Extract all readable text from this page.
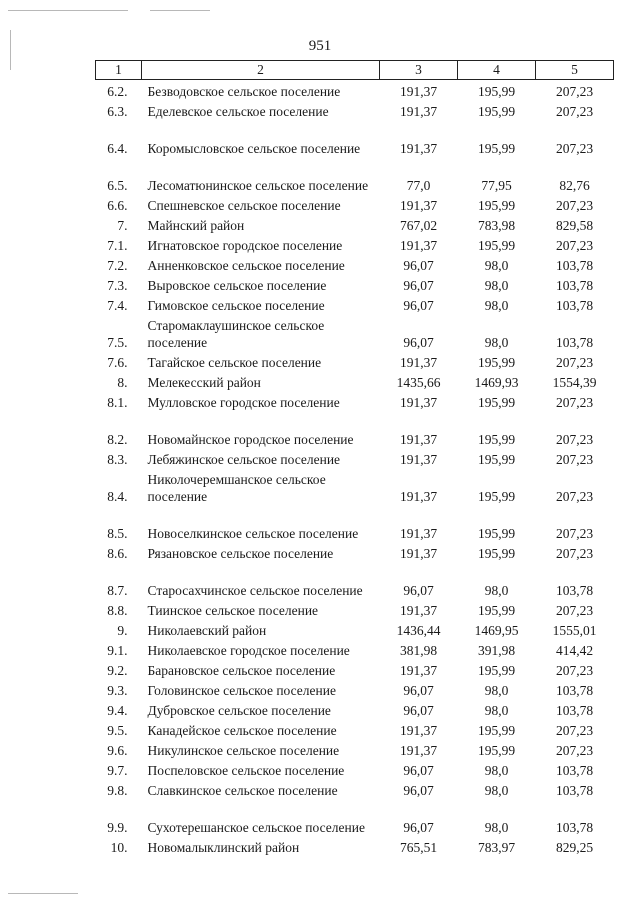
951
1	2	3	4	5
6.2.	Безводовское сельское поселение	191,37	195,99	207,23
6.3.	Еделевское сельское поселение	191,37	195,99	207,23
6.4.	Коромысловское сельское поселение	191,37	195,99	207,23
6.5.	Лесоматюнинское сельское поселение	77,0	77,95	82,76
6.6.	Спешневское сельское поселение	191,37	195,99	207,23
7.	Майнский район	767,02	783,98	829,58
7.1.	Игнатовское городское поселение	191,37	195,99	207,23
7.2.	Анненковское сельское поселение	96,07	98,0	103,78
7.3.	Выровское сельское поселение	96,07	98,0	103,78
7.4.	Гимовское сельское поселение	96,07	98,0	103,78
7.5.	Старомаклаушинское сельское поселение	96,07	98,0	103,78
7.6.	Тагайское сельское поселение	191,37	195,99	207,23
8.	Мелекесский район	1435,66	1469,93	1554,39
8.1.	Мулловское городское поселение	191,37	195,99	207,23
8.2.	Новомайнское городское поселение	191,37	195,99	207,23
8.3.	Лебяжинское сельское поселение	191,37	195,99	207,23
8.4.	Николочеремшанское сельское поселение	191,37	195,99	207,23
8.5.	Новоселкинское сельское поселение	191,37	195,99	207,23
8.6.	Рязановское сельское поселение	191,37	195,99	207,23
8.7.	Старосахчинское сельское поселение	96,07	98,0	103,78
8.8.	Тиинское сельское поселение	191,37	195,99	207,23
9.	Николаевский район	1436,44	1469,95	1555,01
9.1.	Николаевское городское поселение	381,98	391,98	414,42
9.2.	Барановское сельское поселение	191,37	195,99	207,23
9.3.	Головинское сельское поселение	96,07	98,0	103,78
9.4.	Дубровское сельское поселение	96,07	98,0	103,78
9.5.	Канадейское сельское поселение	191,37	195,99	207,23
9.6.	Никулинское сельское поселение	191,37	195,99	207,23
9.7.	Поспеловское сельское поселение	96,07	98,0	103,78
9.8.	Славкинское сельское поселение	96,07	98,0	103,78
9.9.	Сухотерешанское сельское поселение	96,07	98,0	103,78
10.	Новомалыклинский район	765,51	783,97	829,25
